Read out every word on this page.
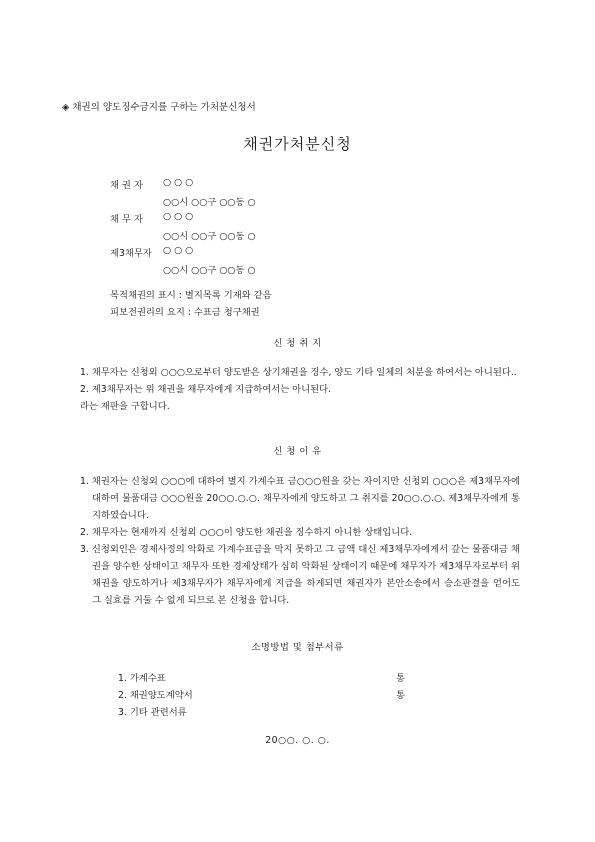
◈ 채권의 양도징수금지를 구하는 가처분신청서
채권가처분신청
채 권 자	○ ○ ○
○○시 ○○구 ○○동 ○
채 무 자	○ ○ ○
○○시 ○○구 ○○동 ○
제3채무자	○ ○ ○
○○시 ○○구 ○○동 ○
목적채권의 표시 : 별지목록 기재와 같음
피보전권리의 요지 : 수표금 청구채권
신 청 취 지
1. 채무자는 신청외 ○○○으로부터 양도받은 상기채권을 징수, 양도 기타 일체의 처분을 하여서는 아니된다..
2. 제3채무자는 위 채권을 채무자에게 지급하여서는 아니된다.
라는 재판을 구합니다.
신 청 이 유
1. 채권자는 신청외 ○○○에 대하여 별지 가계수표 금○○○원을 갖는 자이지만 신청외 ○○○은 제3채무자에 대하여 물품대금 ○○○원을 20○○.○.○. 채무자에게 양도하고 그 취지를 20○○.○.○. 제3채무자에게 통지하였습니다.
2. 채무자는 현재까지 신청외 ○○○이 양도한 채권을 징수하지 아니한 상태입니다.
3. 신청외인은 경제사정의 악화로 가계수표금을 막지 못하고 그 금액 대신 제3채무자에게서 갚는 물품대금 채권을 양수한 상태이고 채무자 또한 경제상태가 심히 악화된 상태이기 때문에 채무자가 제3채무자로부터 위 채권을 양도하거나 제3채무자가 채무자에게 지급을 하게되면 채권자가 본안소송에서 승소판결을 얻어도 그 실효를 거둘 수 없게 되므로 본 신청을 합니다.
소명방법 및 첨부서류
1. 가계수표	통
2. 채권양도계약서	통
3. 기타 관련서류
20○○. ○. ○.
